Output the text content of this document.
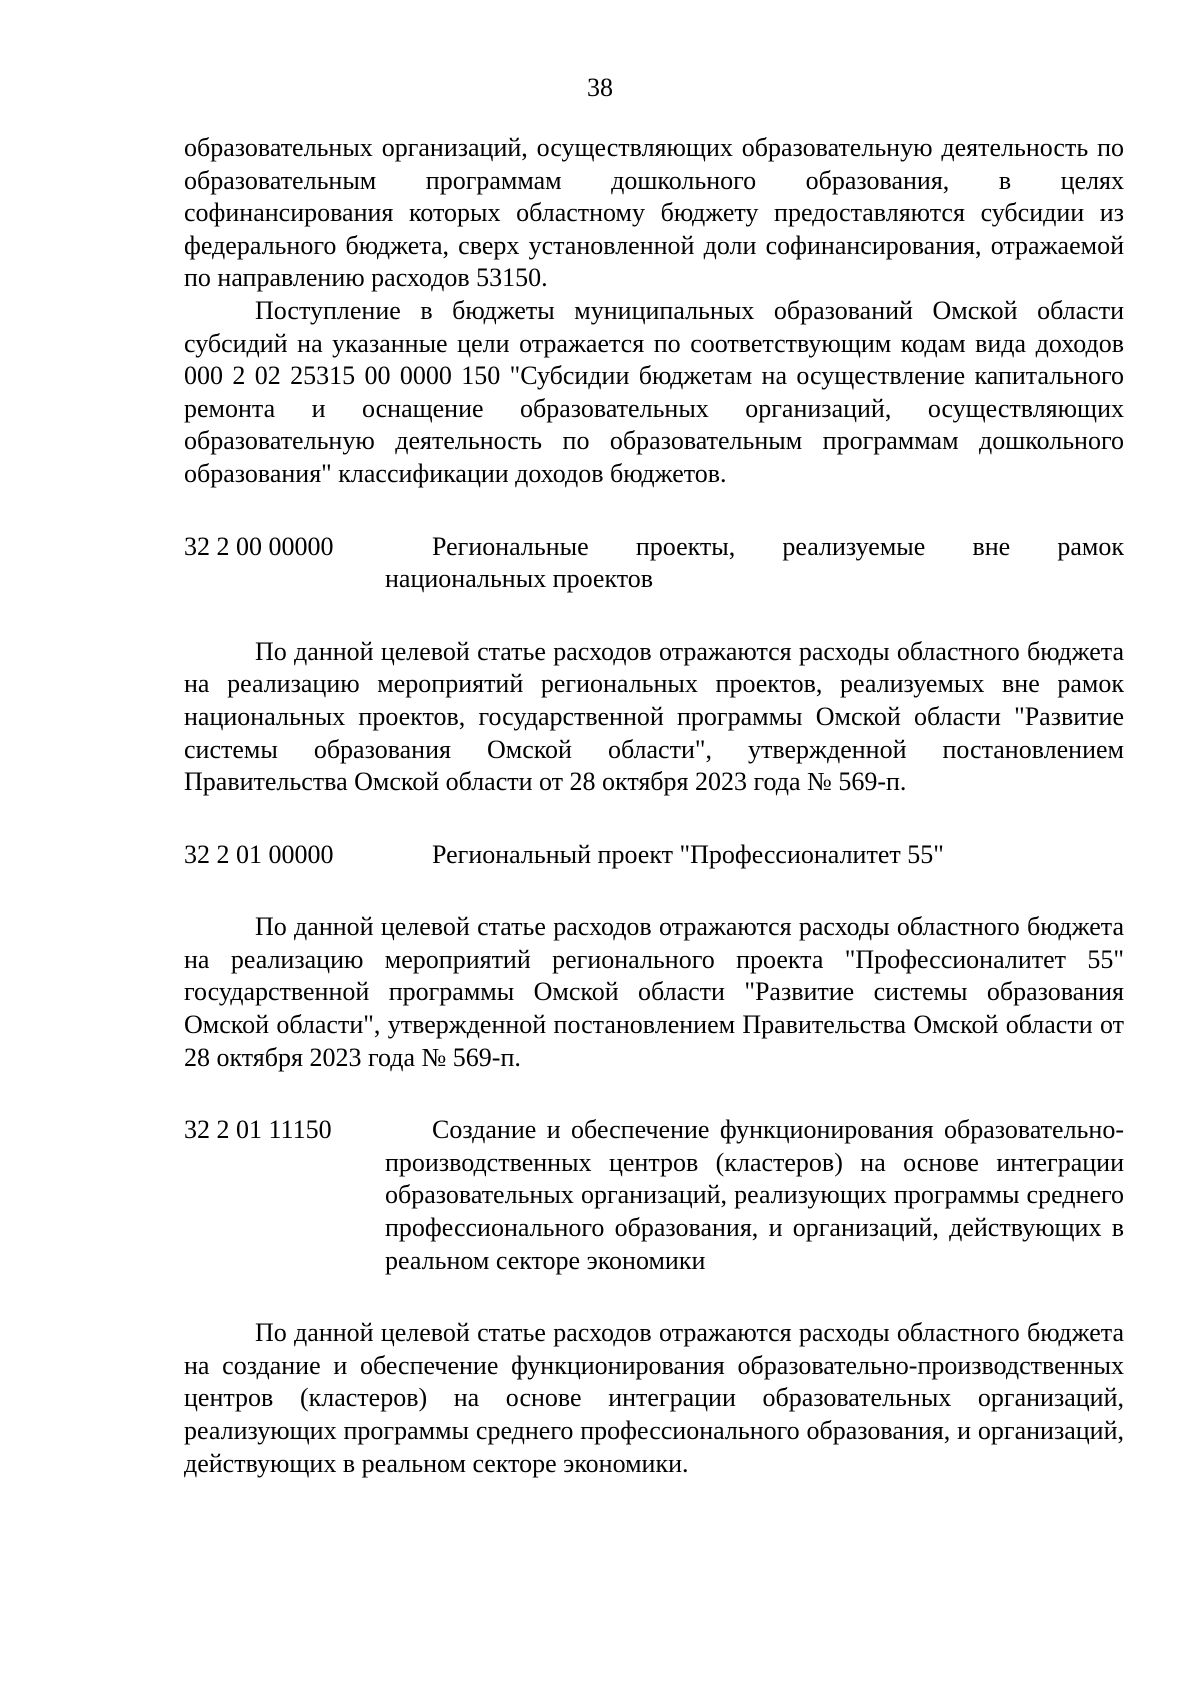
38

образовательных организаций, осуществляющих образовательную деятельность по образовательным программам дошкольного образования, в целях софинансирования которых областному бюджету предоставляются субсидии из федерального бюджета, сверх установленной доли софинансирования, отражаемой по направлению расходов 53150.

Поступление в бюджеты муниципальных образований Омской области субсидий на указанные цели отражается по соответствующим кодам вида доходов 000 2 02 25315 00 0000 150 "Субсидии бюджетам на осуществление капитального ремонта и оснащение образовательных организаций, осуществляющих образовательную деятельность по образовательным программам дошкольного образования" классификации доходов бюджетов.

32 2 00 00000	Региональные проекты, реализуемые вне рамок национальных проектов

По данной целевой статье расходов отражаются расходы областного бюджета на реализацию мероприятий региональных проектов, реализуемых вне рамок национальных проектов, государственной программы Омской области "Развитие системы образования Омской области", утвержденной постановлением Правительства Омской области от 28 октября 2023 года № 569-п.

32 2 01 00000	Региональный проект "Профессионалитет 55"

По данной целевой статье расходов отражаются расходы областного бюджета на реализацию мероприятий регионального проекта "Профессионалитет 55" государственной программы Омской области "Развитие системы образования Омской области", утвержденной постановлением Правительства Омской области от 28 октября 2023 года № 569-п.

32 2 01 11150	Создание и обеспечение функционирования образовательно-производственных центров (кластеров) на основе интеграции образовательных организаций, реализующих программы среднего профессионального образования, и организаций, действующих в реальном секторе экономики

По данной целевой статье расходов отражаются расходы областного бюджета на создание и обеспечение функционирования образовательно-производственных центров (кластеров) на основе интеграции образовательных организаций, реализующих программы среднего профессионального образования, и организаций, действующих в реальном секторе экономики.
